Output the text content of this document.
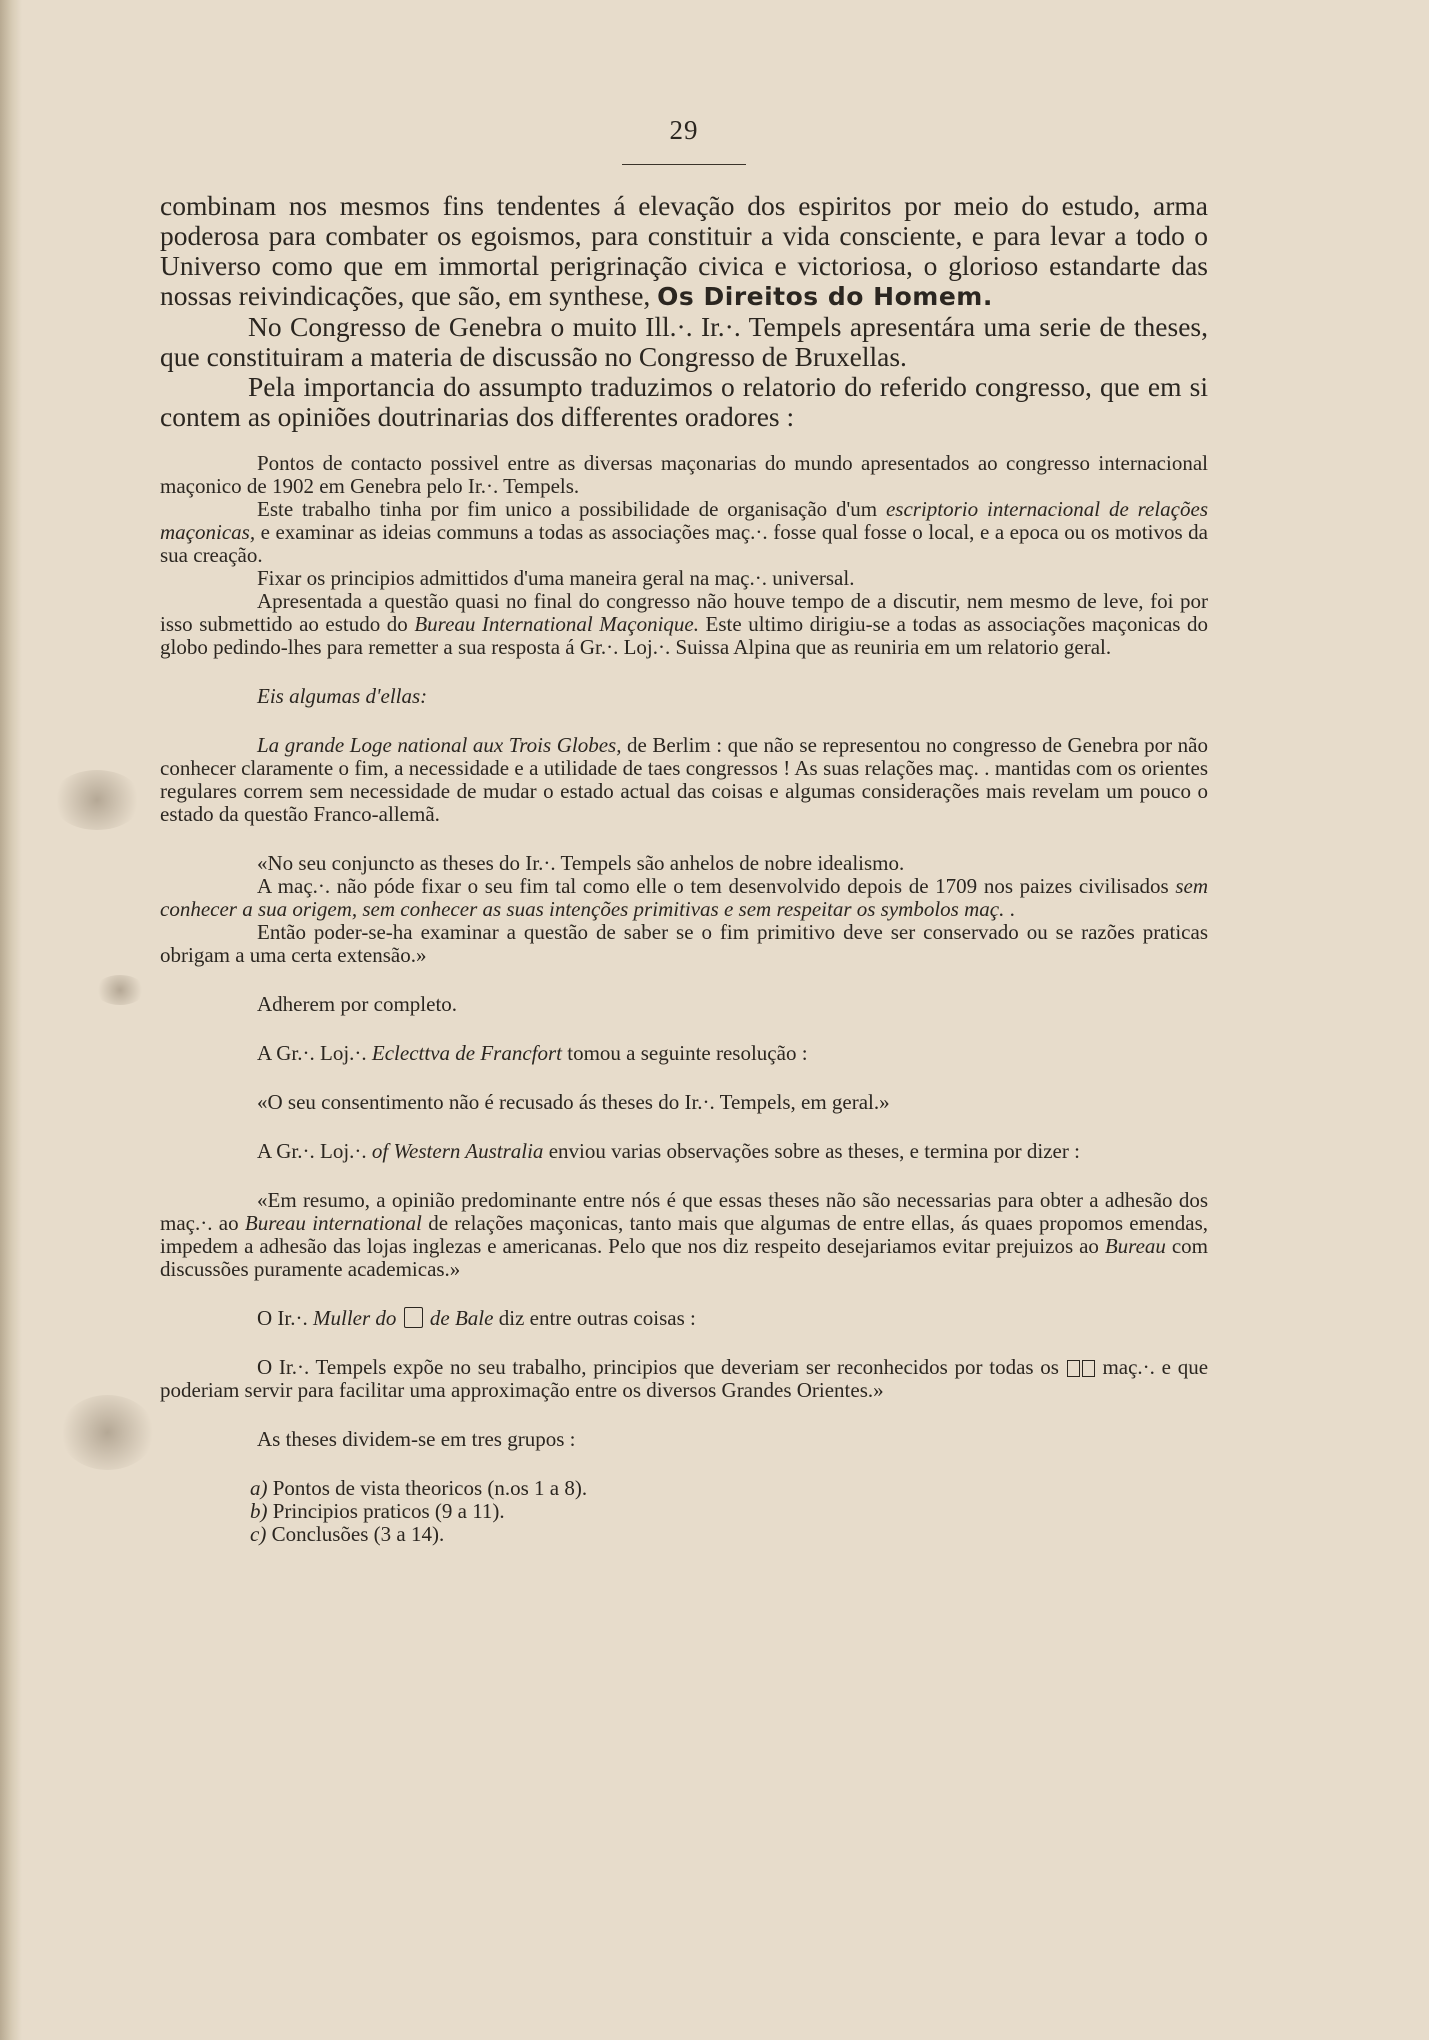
29

combinam nos mesmos fins tendentes á elevação dos espiritos por meio do estudo, arma poderosa para combater os egoismos, para constituir a vida consciente, e para levar a todo o Universo como que em immortal perigrinação civica e victoriosa, o glorioso estandarte das nossas reivindicações, que são, em synthese, Os Direitos do Homem.

No Congresso de Genebra o muito Ill.·. Ir.·. Tempels apresentára uma serie de theses, que constituiram a materia de discussão no Congresso de Bruxellas.

Pela importancia do assumpto traduzimos o relatorio do referido congresso, que em si contem as opiniões doutrinarias dos differentes oradores :

Pontos de contacto possivel entre as diversas maçonarias do mundo apresentados ao congresso internacional maçonico de 1902 em Genebra pelo Ir.·. Tempels.

Este trabalho tinha por fim unico a possibilidade de organisação d'um escriptorio internacional de relações maçonicas, e examinar as ideias communs a todas as associações maç.·. fosse qual fosse o local, e a epoca ou os motivos da sua creação.

Fixar os principios admittidos d'uma maneira geral na maç.·. universal.

Apresentada a questão quasi no final do congresso não houve tempo de a discutir, nem mesmo de leve, foi por isso submettido ao estudo do Bureau International Maçonique. Este ultimo dirigiu-se a todas as associações maçonicas do globo pedindo-lhes para remetter a sua resposta á Gr.·. Loj.·. Suissa Alpina que as reuniria em um relatorio geral.

Eis algumas d'ellas:

La grande Loge national aux Trois Globes, de Berlim : que não se representou no congresso de Genebra por não conhecer claramente o fim, a necessidade e a utilidade de taes congressos ! As suas relações maç. . mantidas com os orientes regulares correm sem necessidade de mudar o estado actual das coisas e algumas considerações mais revelam um pouco o estado da questão Franco-allemã.

«No seu conjuncto as theses do Ir.·. Tempels são anhelos de nobre idealismo.

A maç.·. não póde fixar o seu fim tal como elle o tem desenvolvido depois de 1709 nos paizes civilisados sem conhecer a sua origem, sem conhecer as suas intenções primitivas e sem respeitar os symbolos maç. .

Então poder-se-ha examinar a questão de saber se o fim primitivo deve ser conservado ou se razões praticas obrigam a uma certa extensão.»

Adherem por completo.

A Gr.·. Loj.·. Eclecttva de Francfort tomou a seguinte resolução :

«O seu consentimento não é recusado ás theses do Ir.·. Tempels, em geral.»

A Gr.·. Loj.·. of Western Australia enviou varias observações sobre as theses, e termina por dizer :

«Em resumo, a opinião predominante entre nós é que essas theses não são necessarias para obter a adhesão dos maç.·. ao Bureau international de relações maçonicas, tanto mais que algumas de entre ellas, ás quaes propomos emendas, impedem a adhesão das lojas inglezas e americanas. Pelo que nos diz respeito desejariamos evitar prejuizos ao Bureau com discussões puramente academicas.»

O Ir.·. Muller do de Bale diz entre outras coisas :

O Ir.·. Tempels expõe no seu trabalho, principios que deveriam ser reconhecidos por todas os maç.·. e que poderiam servir para facilitar uma approximação entre os diversos Grandes Orientes.»

As theses dividem-se em tres grupos :

a) Pontos de vista theoricos (n.os 1 a 8).

b) Principios praticos (9 a 11).

c) Conclusões (3 a 14).
